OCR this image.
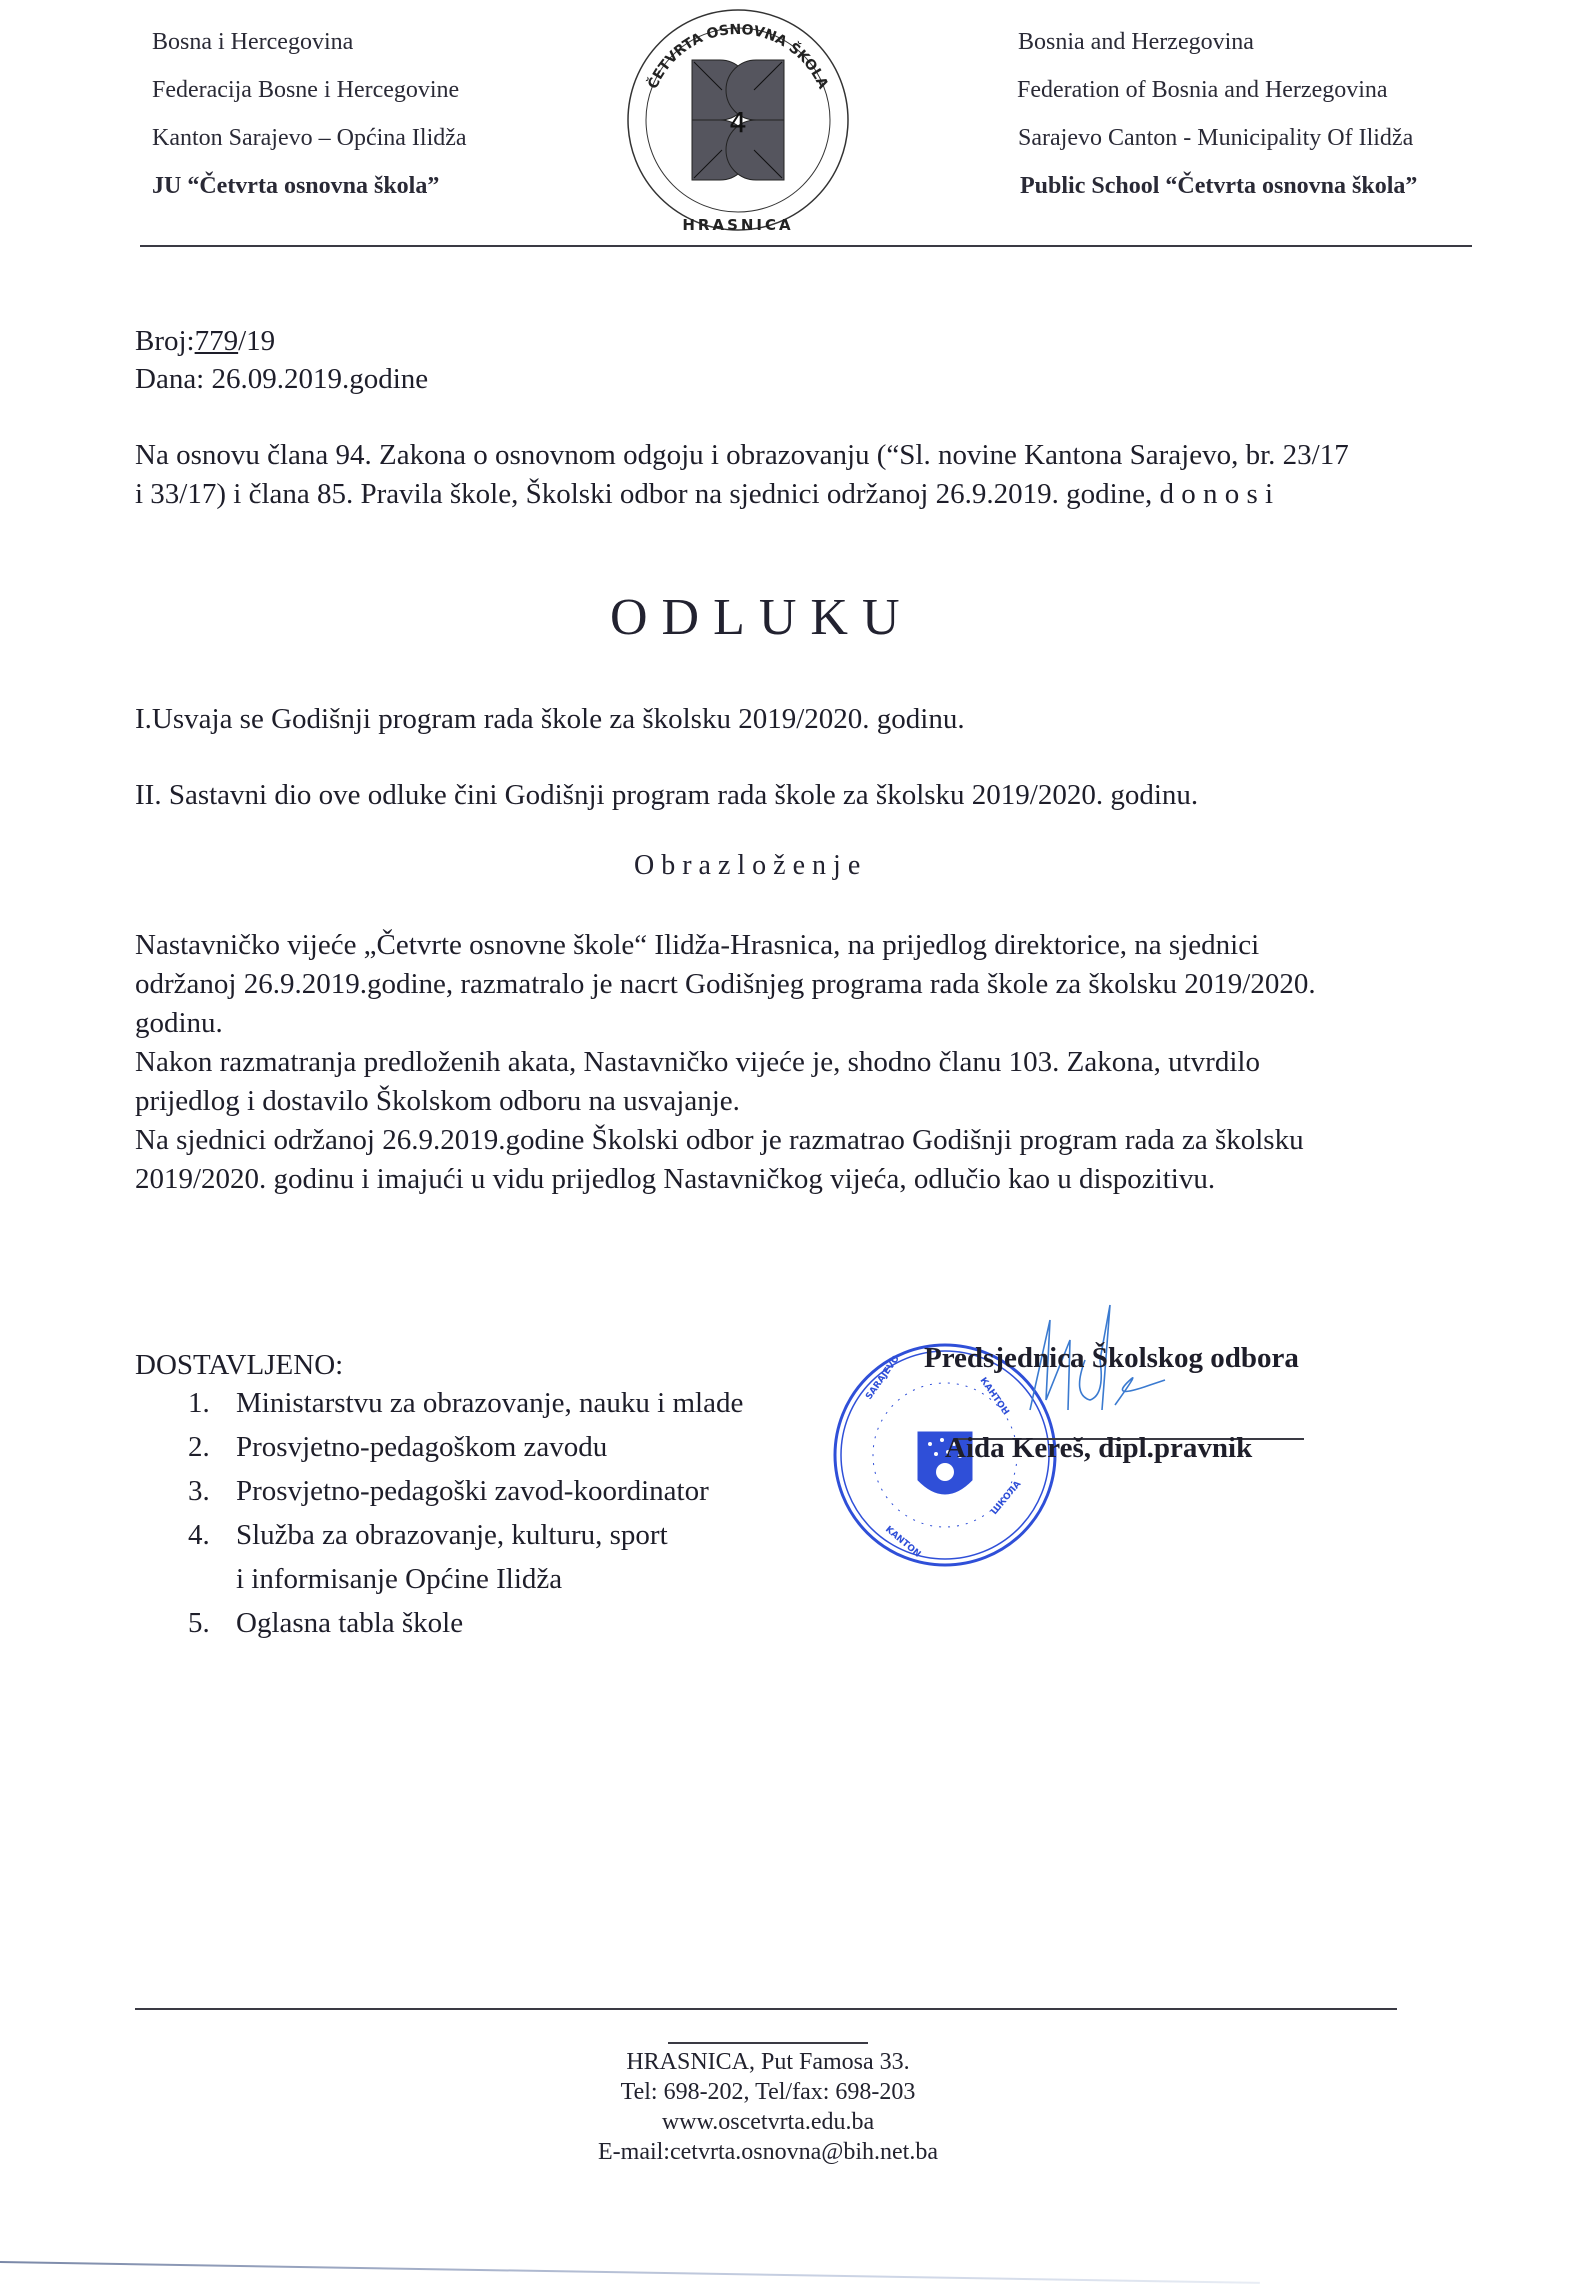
Bosna i Hercegovina
Federacija Bosne i Hercegovine
Kanton Sarajevo – Općina Ilidža
JU “Četvrta osnovna škola”
4
ČETVRTA OSNOVNA ŠKOLA
HRASNICA
Bosnia and Herzegovina
Federation of Bosnia and Herzegovina
Sarajevo Canton - Municipality Of Ilidža
Public School “Četvrta osnovna škola”
Broj:779/19
Dana: 26.09.2019.godine
Na osnovu člana 94. Zakona o osnovnom odgoju i obrazovanju (“Sl. novine Kantona Sarajevo, br. 23/17 i 33/17) i člana 85. Pravila škole, Školski odbor na sjednici održanoj 26.9.2019. godine, d o n o s i
ODLUKU
I.Usvaja se Godišnji program rada škole za školsku 2019/2020. godinu.
II. Sastavni dio ove odluke čini Godišnji program rada škole za školsku 2019/2020. godinu.
Obrazloženje
Nastavničko vijeće „Četvrte osnovne škole“ Ilidža-Hrasnica, na prijedlog direktorice, na sjednici održanoj 26.9.2019.godine, razmatralo je nacrt Godišnjeg programa rada škole za školsku 2019/2020. godinu.
Nakon razmatranja predloženih akata, Nastavničko vijeće je, shodno članu 103. Zakona, utvrdilo prijedlog i dostavilo Školskom odboru na usvajanje.
Na sjednici održanoj 26.9.2019.godine Školski odbor je razmatrao Godišnji program rada za školsku 2019/2020. godinu i imajući u vidu prijedlog Nastavničkog vijeća, odlučio kao u dispozitivu.
DOSTAVLJENO:
1. Ministarstvu za obrazovanje, nauku i mlade
2. Prosvjetno-pedagoškom zavodu
3. Prosvjetno-pedagoški zavod-koordinator
4. Služba za obrazovanje, kulturu, sport
i informisanje Općine Ilidža
5. Oglasna tabla škole
SARAJEVO	КАНТОН
KANTON
ШКОЛА
Predsjednica Školskog odbora
Aida Kereš, dipl.pravnik
HRASNICA, Put Famosa 33.
Tel: 698-202, Tel/fax: 698-203
www.oscetvrta.edu.ba
E-mail:cetvrta.osnovna@bih.net.ba
